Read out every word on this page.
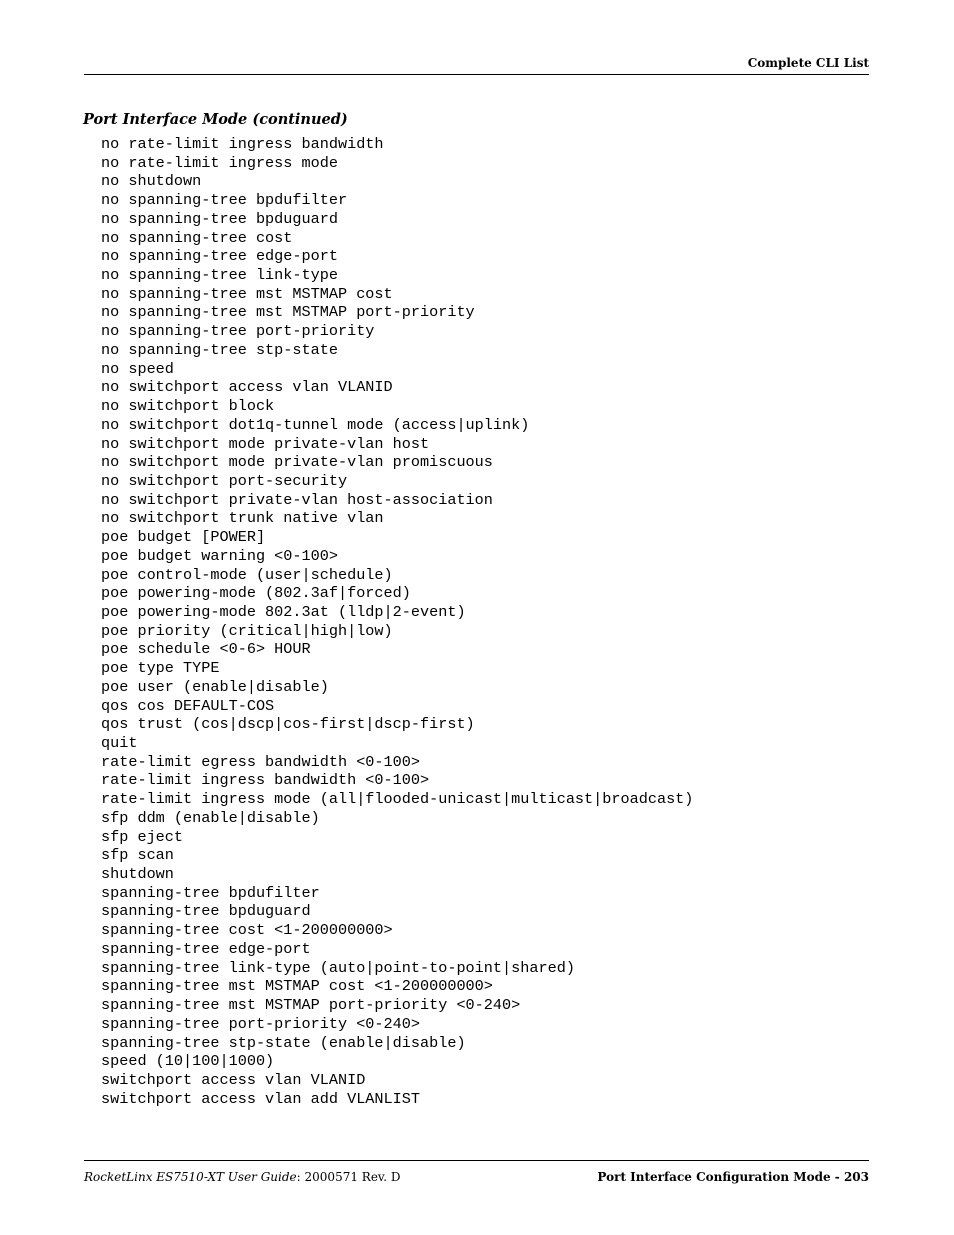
Complete CLI List
Port Interface Mode (continued)
no rate-limit ingress bandwidth
no rate-limit ingress mode
no shutdown
no spanning-tree bpdufilter
no spanning-tree bpduguard
no spanning-tree cost
no spanning-tree edge-port
no spanning-tree link-type
no spanning-tree mst MSTMAP cost
no spanning-tree mst MSTMAP port-priority
no spanning-tree port-priority
no spanning-tree stp-state
no speed
no switchport access vlan VLANID
no switchport block
no switchport dot1q-tunnel mode (access|uplink)
no switchport mode private-vlan host
no switchport mode private-vlan promiscuous
no switchport port-security
no switchport private-vlan host-association
no switchport trunk native vlan
poe budget [POWER]
poe budget warning <0-100>
poe control-mode (user|schedule)
poe powering-mode (802.3af|forced)
poe powering-mode 802.3at (lldp|2-event)
poe priority (critical|high|low)
poe schedule <0-6> HOUR
poe type TYPE
poe user (enable|disable)
qos cos DEFAULT-COS
qos trust (cos|dscp|cos-first|dscp-first)
quit
rate-limit egress bandwidth <0-100>
rate-limit ingress bandwidth <0-100>
rate-limit ingress mode (all|flooded-unicast|multicast|broadcast)
sfp ddm (enable|disable)
sfp eject
sfp scan
shutdown
spanning-tree bpdufilter
spanning-tree bpduguard
spanning-tree cost <1-200000000>
spanning-tree edge-port
spanning-tree link-type (auto|point-to-point|shared)
spanning-tree mst MSTMAP cost <1-200000000>
spanning-tree mst MSTMAP port-priority <0-240>
spanning-tree port-priority <0-240>
spanning-tree stp-state (enable|disable)
speed (10|100|1000)
switchport access vlan VLANID
switchport access vlan add VLANLIST
RocketLinx ES7510-XT User Guide: 2000571 Rev. D	Port Interface Configuration Mode - 203
